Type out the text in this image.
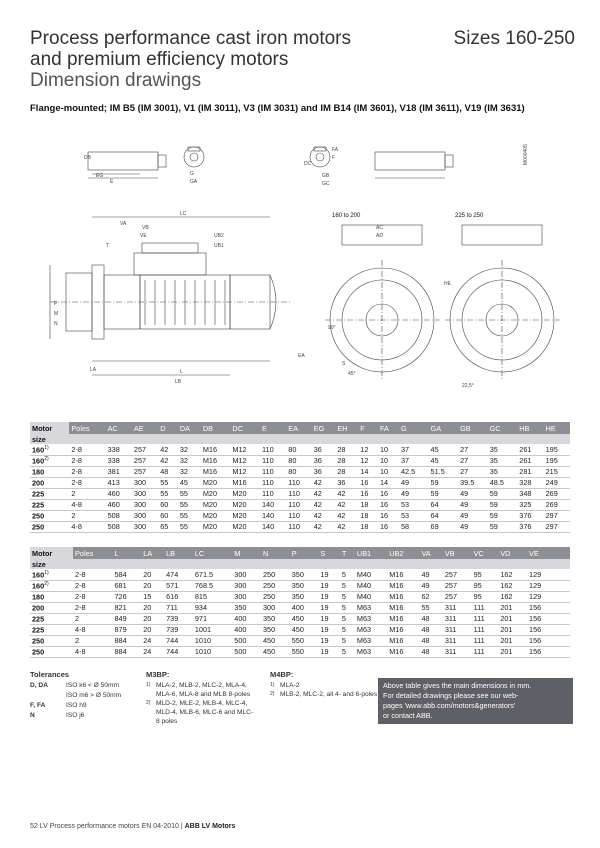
Process performance cast iron motors
and premium efficiency motors
Dimension drawings
Sizes 160-250
Flange-mounted; IM B5 (IM 3001), V1 (IM 3011), V3 (IM 3031) and IM B14 (IM 3601), V18 (IM 3611), V19 (IM 3631)
M000405
160 to 200	225 to 250
DB
E
EG
GA
G
DC
FA
F
GB
GC
LC
VA
VB
VE
UB1
UB2
EA
L
LB
LA
T
M
N
P
AC
AD
HE
S
45°
22,5°
90°
Motor	Poles	AC	AE	D	DA	DB	DC	E	EA	EG	EH	F	FA	G	GA	GB	GC	HB	HE
size																			
160$^{1)}$	2-8	338	257	42	32	M16	M12	110	80	36	28	12	10	37	45	27	35	261	195
160$^{2)}$	2-8	338	257	42	32	M16	M12	110	80	36	28	12	10	37	45	27	35	261	195
180	2-8	381	257	48	32	M16	M12	110	80	36	28	14	10	42.5	51.5	27	35	281	215
200	2-8	413	300	55	45	M20	M16	110	110	42	36	16	14	49	59	39.5	48.5	328	249
225	2	460	300	55	55	M20	M20	110	110	42	42	16	16	49	59	49	59	348	269
225	4-8	460	300	60	55	M20	M20	140	110	42	42	18	16	53	64	49	59	325	269
250	2	508	300	60	55	M20	M20	140	110	42	42	18	16	53	64	49	59	376	297
250	4-8	508	300	65	55	M20	M20	140	110	42	42	18	16	58	69	49	59	376	297
Motor	Poles	L	LA	LB	LC	M	N	P	S	T	UB1	UB2	VA	VB	VC	VD	VE		
size																			
160$^{1)}$	2-8	584	20	474	671.5	300	250	350	19	5	M40	M16	49	257	95	162	129		
160$^{2)}$	2-8	681	20	571	768.5	300	250	350	19	5	M40	M16	49	257	95	162	129		
180	2-8	726	15	616	815	300	250	350	19	5	M40	M16	62	257	95	162	129		
200	2-8	821	20	711	934	350	300	400	19	5	M63	M16	55	311	111	201	156		
225	2	849	20	739	971	400	350	450	19	5	M63	M16	48	311	111	201	156		
225	4-8	879	20	739	1001	400	350	450	19	5	M63	M16	48	311	111	201	156		
250	2	884	24	744	1010	500	450	550	19	5	M63	M16	48	311	111	201	156		
250	4-8	884	24	744	1010	500	450	550	19	5	M63	M16	48	311	111	201	156		
Tolerances
D, DA	ISO k6 < Ø 50mm
ISO m6 > Ø 50mm
F, FA	ISO h9
N	ISO j6
M3BP:
1) MLA-2, MLB-2, MLC-2, MLA-4, MLA-6, MLA-8 and MLB 8-poles
2) MLD-2, MLE-2, MLB-4, MLC-4, MLD-4, MLB-6, MLC-6 and MLC-8 poles
M4BP:
1) MLA-2
2) MLB-2, MLC-2, all 4- and 6-poles
Above table gives the main dimensions in mm.
For detailed drawings please see our web-
pages 'www.abb.com/motors&generators'
or contact ABB.
52 LV Process performance motors EN 04-2010 | ABB LV Motors
